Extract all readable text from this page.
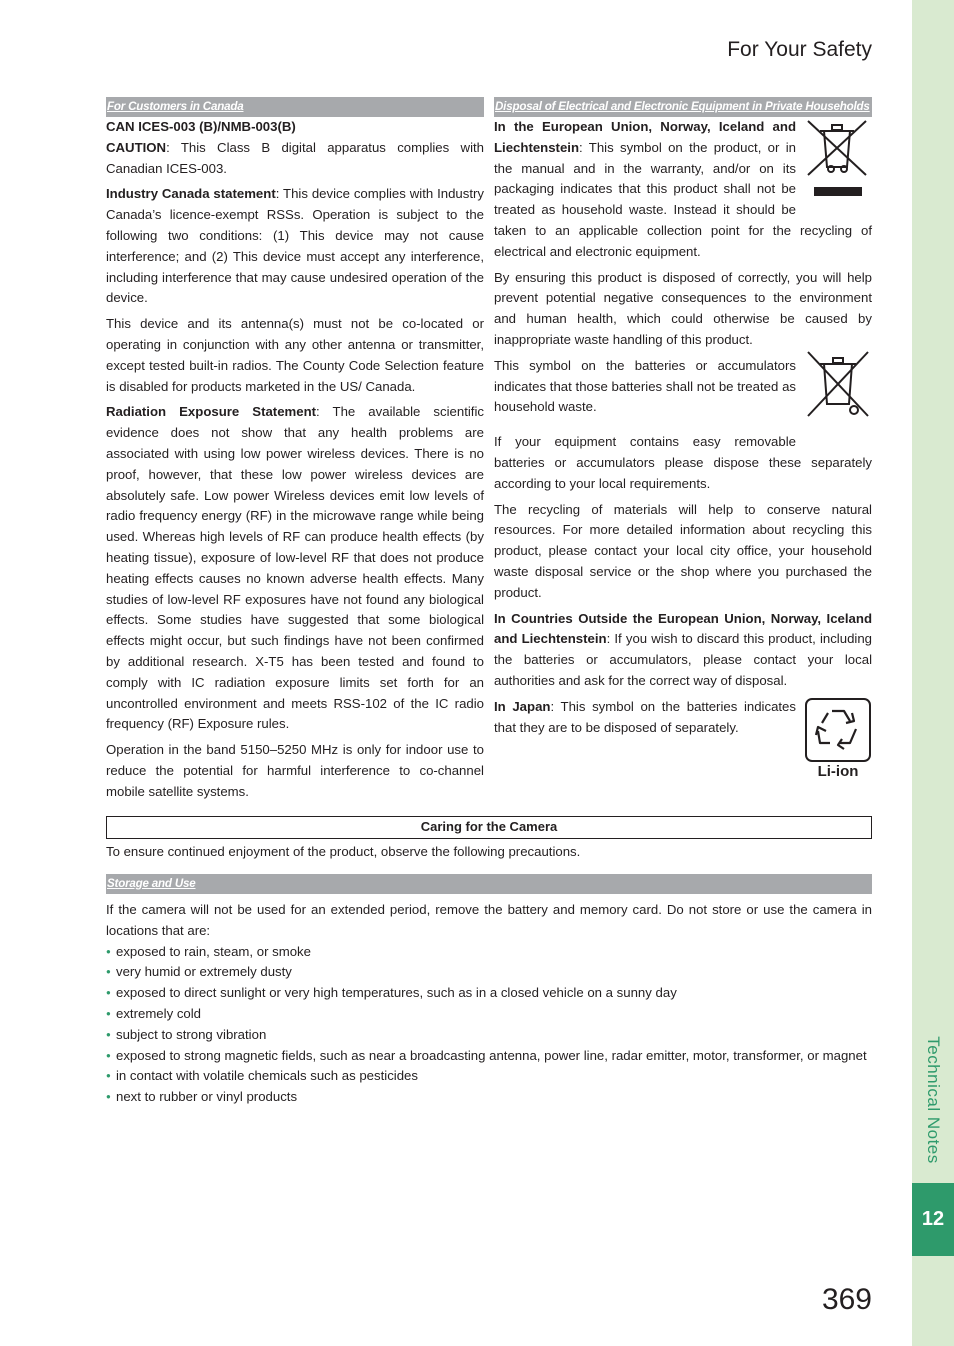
Technical Notes
12
For Your Safety
For Customers in Canada

CAN ICES-003 (B)/NMB-003(B)

CAUTION: This Class B digital apparatus complies with Canadian ICES-003.

Industry Canada statement: This device complies with Industry Canada’s licence-exempt RSSs. Operation is subject to the following two conditions: (1) This device may not cause interference; and (2) This device must accept any interference, including interference that may cause undesired operation of the device.

This device and its antenna(s) must not be co-located or operating in conjunction with any other antenna or transmitter, except tested built-in radios. The County Code Selection feature is disabled for products marketed in the US/ Canada.

Radiation Exposure Statement: The available scientific evidence does not show that any health problems are associated with using low power wireless devices. There is no proof, however, that these low power wireless devices are absolutely safe. Low power Wireless devices emit low levels of radio frequency energy (RF) in the microwave range while being used. Whereas high levels of RF can produce health effects (by heating tissue), exposure of low-level RF that does not produce heating effects causes no known adverse health effects. Many studies of low-level RF exposures have not found any biological effects. Some studies have suggested that some biological effects might occur, but such findings have not been confirmed by additional research. X-T5 has been tested and found to comply with IC radiation exposure limits set forth for an uncontrolled environment and meets RSS-102 of the IC radio frequency (RF) Exposure rules.

Operation in the band 5150–5250 MHz is only for indoor use to reduce the potential for harmful interference to co-channel mobile satellite systems.

Disposal of Electrical and Electronic Equipment in Private Households

In the European Union, Norway, Iceland and Liechtenstein: This symbol on the product, or in the manual and in the warranty, and/or on its packaging indicates that this product shall not be treated as household waste. Instead it should be taken to an applicable collection point for the recycling of electrical and electronic equipment.

By ensuring this product is disposed of correctly, you will help prevent potential negative consequences to the environment and human health, which could otherwise be caused by inappropriate waste handling of this product.

This symbol on the batteries or accumulators indicates that those batteries shall not be treated as household waste.

If your equipment contains easy removable batteries or accumulators please dispose these separately according to your local requirements.

The recycling of materials will help to conserve natural resources. For more detailed information about recycling this product, please contact your local city office, your household waste disposal service or the shop where you purchased the product.

In Countries Outside the European Union, Norway, Iceland and Liechtenstein: If you wish to discard this product, including the batteries or accumulators, please contact your local authorities and ask for the correct way of disposal.

Li-ion
In Japan: This symbol on the batteries indicates that they are to be disposed of separately.

Caring for the Camera
To ensure continued enjoyment of the product, observe the following precautions.
Storage and Use

If the camera will not be used for an extended period, remove the battery and memory card. Do not store or use the camera in locations that are:

● exposed to rain, steam, or smoke
● very humid or extremely dusty
● exposed to direct sunlight or very high temperatures, such as in a closed vehicle on a sunny day
● extremely cold
● subject to strong vibration
● exposed to strong magnetic fields, such as near a broadcasting antenna, power line, radar emitter, motor, transformer, or magnet
● in contact with volatile chemicals such as pesticides
● next to rubber or vinyl products
369
